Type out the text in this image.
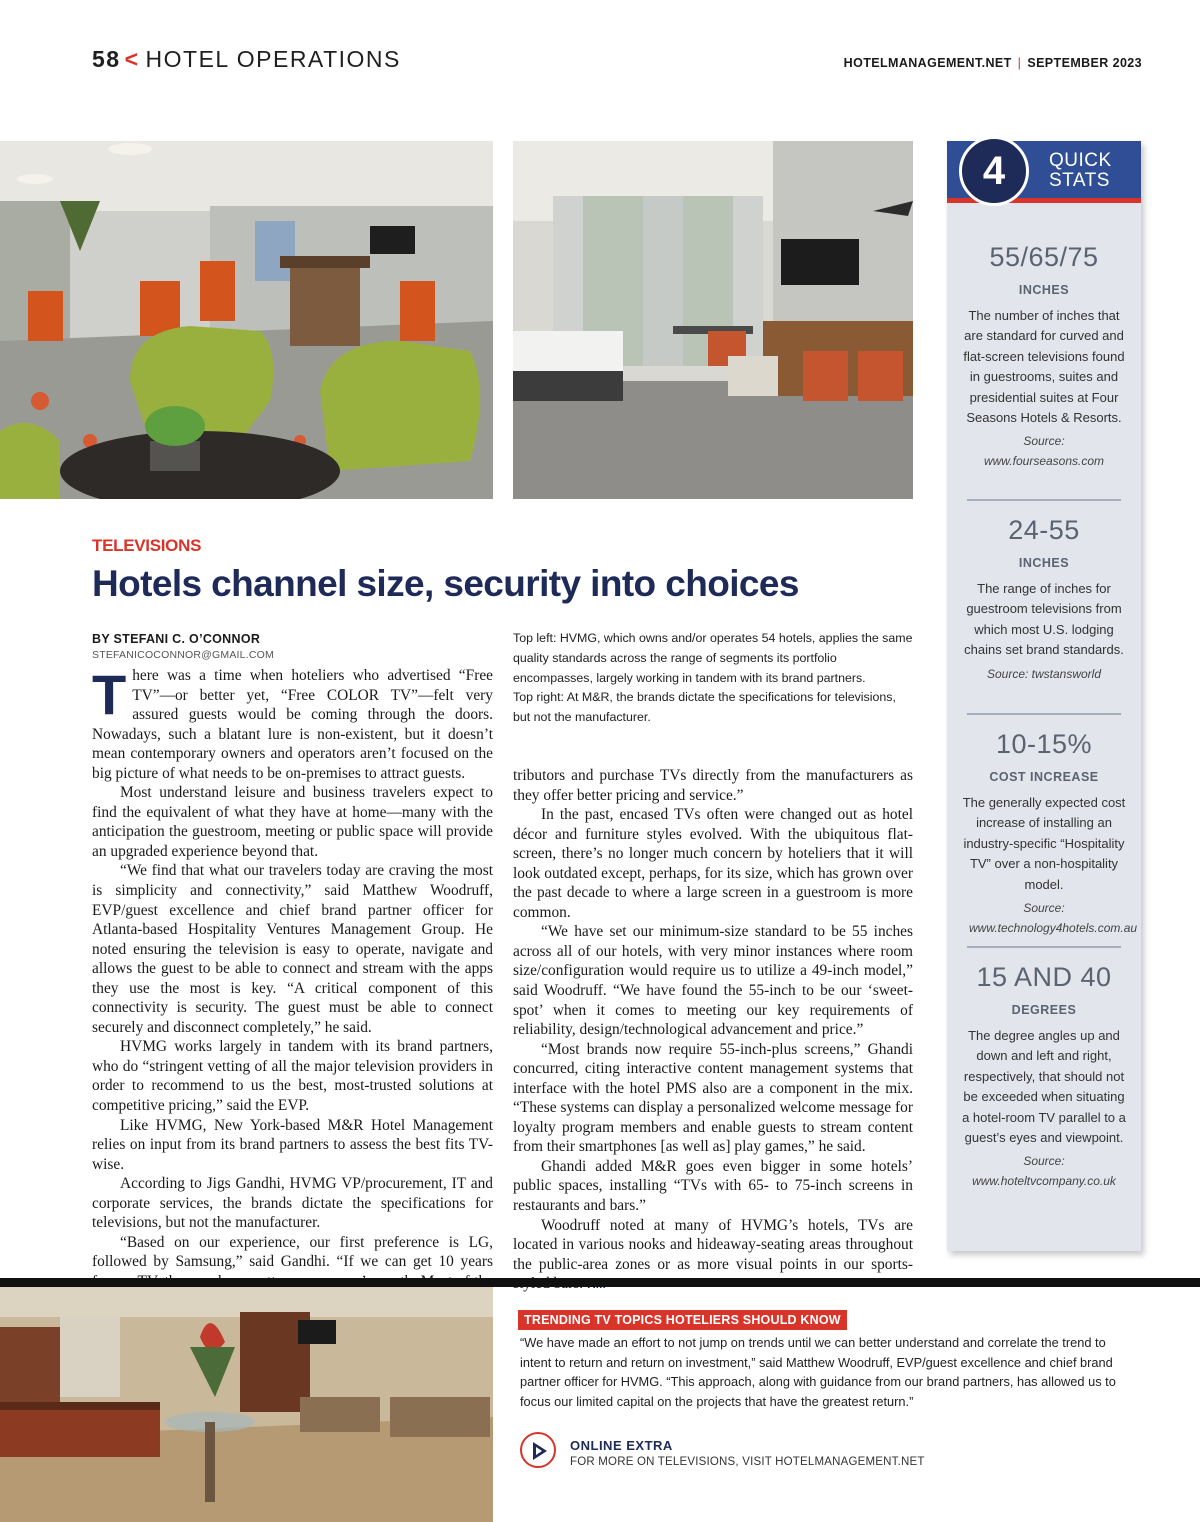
58 < HOTEL OPERATIONS	HOTELMANAGEMENT.NET | SEPTEMBER 2023
4	QUICK
STATS
55/65/75
INCHES
The number of inches that are standard for curved and flat-screen televisions found in guestrooms, suites and presidential suites at Four Seasons Hotels & Resorts.
Source: www.fourseasons.com
24-55
INCHES
The range of inches for guestroom televisions from which most U.S. lodging chains set brand standards.
Source: twstansworld
10-15%
COST INCREASE
The generally expected cost increase of installing an industry-specific “Hospitality TV” over a non-hospitality model.
Source: www.technology4hotels.com.au
15 AND 40
DEGREES
The degree angles up and down and left and right, respectively, that should not be exceeded when situating a hotel-room TV parallel to a guest’s eyes and viewpoint.
Source: www.hoteltvcompany.co.uk
TELEVISIONS
Hotels channel size, security into choices
BY STEFANI C. O’CONNOR
STEFANICOCONNOR@GMAIL.COM

Top left: HVMG, which owns and/or operates 54 hotels, applies the same quality standards across the range of segments its portfolio encompasses, largely working in tandem with its brand partners.

Top right: At M&R, the brands dictate the specifications for televisions, but not the manufacturer.

There was a time when hoteliers who advertised “Free TV”—or better yet, “Free COLOR TV”—felt very assured guests would be coming through the doors. Nowadays, such a blatant lure is non-existent, but it doesn’t mean contemporary owners and operators aren’t focused on the big picture of what needs to be on-premises to attract guests.

Most understand leisure and business travelers expect to find the equivalent of what they have at home—many with the anticipation the guestroom, meeting or public space will provide an upgraded experience beyond that.

“We find that what our travelers today are craving the most is simplicity and connectivity,” said Matthew Woodruff, EVP/guest excellence and chief brand partner officer for Atlanta-based Hospitality Ventures Management Group. He noted ensuring the television is easy to operate, navigate and allows the guest to be able to connect and stream with the apps they use the most is key. “A critical component of this connectivity is security. The guest must be able to connect securely and disconnect completely,” he said.

HVMG works largely in tandem with its brand partners, who do “stringent vetting of all the major television providers in order to recommend to us the best, most-trusted solutions at competitive pricing,” said the EVP.

Like HVMG, New York-based M&R Hotel Management relies on input from its brand partners to assess the best fits TV-wise.

According to Jigs Gandhi, HVMG VP/procurement, IT and corporate services, the brands dictate the specifications for televisions, but not the manufacturer.

“Based on our experience, our first preference is LG, followed by Samsung,” said Gandhi. “If we can get 10 years

tributors and purchase TVs directly from the manufacturers as they offer better pricing and service.”

In the past, encased TVs often were changed out as hotel décor and furniture styles evolved. With the ubiquitous flat-screen, there’s no longer much concern by hoteliers that it will look outdated except, perhaps, for its size, which has grown over the past decade to where a large screen in a guestroom is more common.

“We have set our minimum-size standard to be 55 inches across all of our hotels, with very minor instances where room size/configuration would require us to utilize a 49-inch model,” said Woodruff. “We have found the 55-inch to be our ‘sweet-spot’ when it comes to meeting our key requirements of reliability, design/technological advancement and price.”

“Most brands now require 55-inch-plus screens,” Ghandi concurred, citing interactive content management systems that interface with the hotel PMS also are a component in the mix. “These systems can display a personalized welcome message for loyalty program members and enable guests to stream content from their smartphones [as well as] play games,” he said.

Ghandi added M&R goes even bigger in some hotels’ public spaces, installing “TVs with 65- to 75-inch screens in restaurants and bars.”

Woodruff noted at many of HVMG’s hotels, TVs are located in various nooks and hideaway-seating areas throughout the public-area zones or as more visual points in our sports-

TRENDING TV TOPICS HOTELIERS SHOULD KNOW
“We have made an effort to not jump on trends until we can better understand and correlate the trend to intent to return and return on investment,” said Matthew Woodruff, EVP/guest excellence and chief brand partner officer for HVMG. “This approach, along with guidance from our brand partners, has allowed us to focus our limited capital on the projects that have the greatest return.”
ONLINE EXTRA
FOR MORE ON TELEVISIONS, VISIT HOTELMANAGEMENT.NET
